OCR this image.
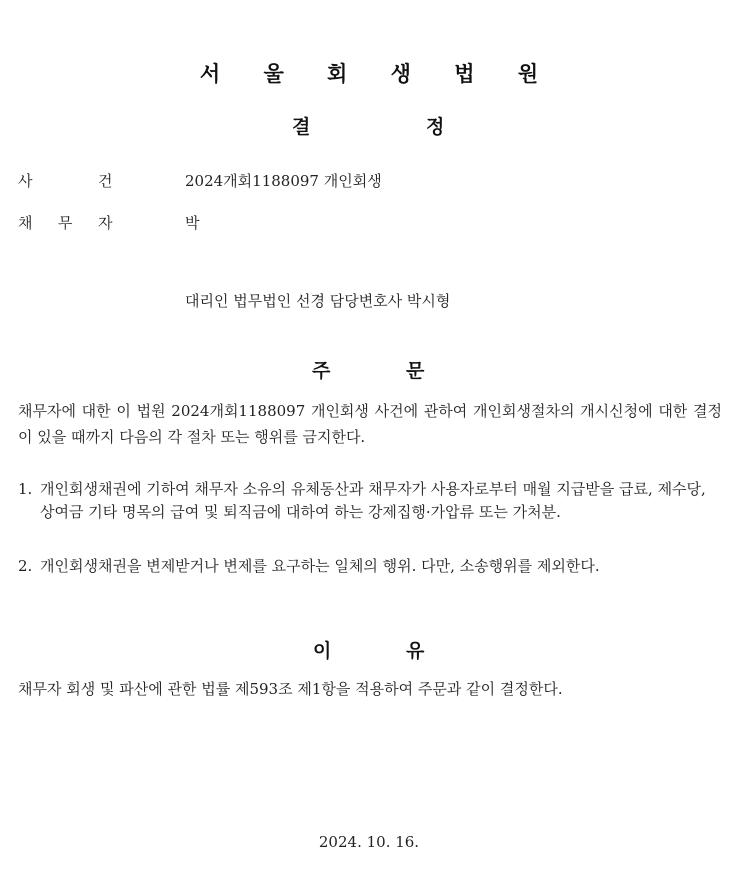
서 울 회 생 법 원
결	정
사	건	2024개회1188097 개인회생
채 무 자	박
대리인 법무법인 선경 담당변호사 박시형
주	문
채무자에 대한 이 법원 2024개회1188097 개인회생 사건에 관하여 개인회생절차의 개시신청에 대한 결정이 있을 때까지 다음의 각 절차 또는 행위를 금지한다.
1. 개인회생채권에 기하여 채무자 소유의 유체동산과 채무자가 사용자로부터 매월 지급받을 급료, 제수당, 상여금 기타 명목의 급여 및 퇴직금에 대하여 하는 강제집행·가압류 또는 가처분.
2. 개인회생채권을 변제받거나 변제를 요구하는 일체의 행위. 다만, 소송행위를 제외한다.
이	유
채무자 회생 및 파산에 관한 법률 제593조 제1항을 적용하여 주문과 같이 결정한다.
2024. 10. 16.
